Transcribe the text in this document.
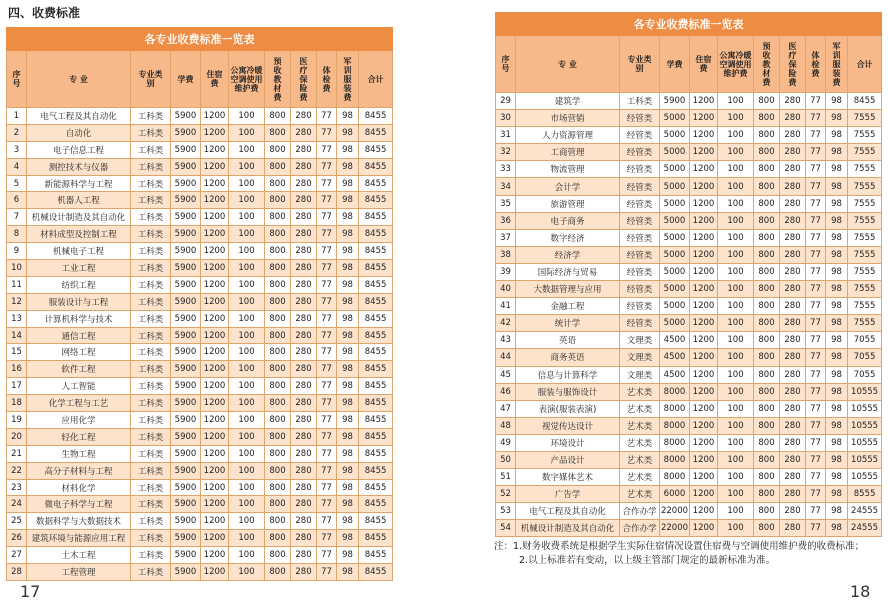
四、收费标准
各专业收费标准一览表										
序号	专 业	专业类别	学费	住宿费	公寓冷暖空调使用维护费	预收教材费	医疗保险费	体检费	军训服装费	合计
1	电气工程及其自动化	工科类	5900	1200	100	800	280	77	98	8455
2	自动化	工科类	5900	1200	100	800	280	77	98	8455
3	电子信息工程	工科类	5900	1200	100	800	280	77	98	8455
4	测控技术与仪器	工科类	5900	1200	100	800	280	77	98	8455
5	新能源科学与工程	工科类	5900	1200	100	800	280	77	98	8455
6	机器人工程	工科类	5900	1200	100	800	280	77	98	8455
7	机械设计制造及其自动化	工科类	5900	1200	100	800	280	77	98	8455
8	材料成型及控制工程	工科类	5900	1200	100	800	280	77	98	8455
9	机械电子工程	工科类	5900	1200	100	800	280	77	98	8455
10	工业工程	工科类	5900	1200	100	800	280	77	98	8455
11	纺织工程	工科类	5900	1200	100	800	280	77	98	8455
12	服装设计与工程	工科类	5900	1200	100	800	280	77	98	8455
13	计算机科学与技术	工科类	5900	1200	100	800	280	77	98	8455
14	通信工程	工科类	5900	1200	100	800	280	77	98	8455
15	网络工程	工科类	5900	1200	100	800	280	77	98	8455
16	软件工程	工科类	5900	1200	100	800	280	77	98	8455
17	人工智能	工科类	5900	1200	100	800	280	77	98	8455
18	化学工程与工艺	工科类	5900	1200	100	800	280	77	98	8455
19	应用化学	工科类	5900	1200	100	800	280	77	98	8455
20	轻化工程	工科类	5900	1200	100	800	280	77	98	8455
21	生物工程	工科类	5900	1200	100	800	280	77	98	8455
22	高分子材料与工程	工科类	5900	1200	100	800	280	77	98	8455
23	材料化学	工科类	5900	1200	100	800	280	77	98	8455
24	微电子科学与工程	工科类	5900	1200	100	800	280	77	98	8455
25	数据科学与大数据技术	工科类	5900	1200	100	800	280	77	98	8455
26	建筑环境与能源应用工程	工科类	5900	1200	100	800	280	77	98	8455
27	土木工程	工科类	5900	1200	100	800	280	77	98	8455
28	工程管理	工科类	5900	1200	100	800	280	77	98	8455
各专业收费标准一览表										
序号	专 业	专业类别	学费	住宿费	公寓冷暖空调使用维护费	预收教材费	医疗保险费	体检费	军训服装费	合计
29	建筑学	工科类	5900	1200	100	800	280	77	98	8455
30	市场营销	经管类	5000	1200	100	800	280	77	98	7555
31	人力资源管理	经管类	5000	1200	100	800	280	77	98	7555
32	工商管理	经管类	5000	1200	100	800	280	77	98	7555
33	物流管理	经管类	5000	1200	100	800	280	77	98	7555
34	会计学	经管类	5000	1200	100	800	280	77	98	7555
35	旅游管理	经管类	5000	1200	100	800	280	77	98	7555
36	电子商务	经管类	5000	1200	100	800	280	77	98	7555
37	数字经济	经管类	5000	1200	100	800	280	77	98	7555
38	经济学	经管类	5000	1200	100	800	280	77	98	7555
39	国际经济与贸易	经管类	5000	1200	100	800	280	77	98	7555
40	大数据管理与应用	经管类	5000	1200	100	800	280	77	98	7555
41	金融工程	经管类	5000	1200	100	800	280	77	98	7555
42	统计学	经管类	5000	1200	100	800	280	77	98	7555
43	英语	文理类	4500	1200	100	800	280	77	98	7055
44	商务英语	文理类	4500	1200	100	800	280	77	98	7055
45	信息与计算科学	文理类	4500	1200	100	800	280	77	98	7055
46	服装与服饰设计	艺术类	8000	1200	100	800	280	77	98	10555
47	表演(服装表演)	艺术类	8000	1200	100	800	280	77	98	10555
48	视觉传达设计	艺术类	8000	1200	100	800	280	77	98	10555
49	环境设计	艺术类	8000	1200	100	800	280	77	98	10555
50	产品设计	艺术类	8000	1200	100	800	280	77	98	10555
51	数字媒体艺术	艺术类	8000	1200	100	800	280	77	98	10555
52	广告学	艺术类	6000	1200	100	800	280	77	98	8555
53	电气工程及其自动化	合作办学	22000	1200	100	800	280	77	98	24555
54	机械设计制造及其自动化	合作办学	22000	1200	100	800	280	77	98	24555
注：1.财务收费系统是根据学生实际住宿情况设置住宿费与空调使用维护费的收费标准；
2.以上标准若有变动，以上级主管部门规定的最新标准为准。
17	18
